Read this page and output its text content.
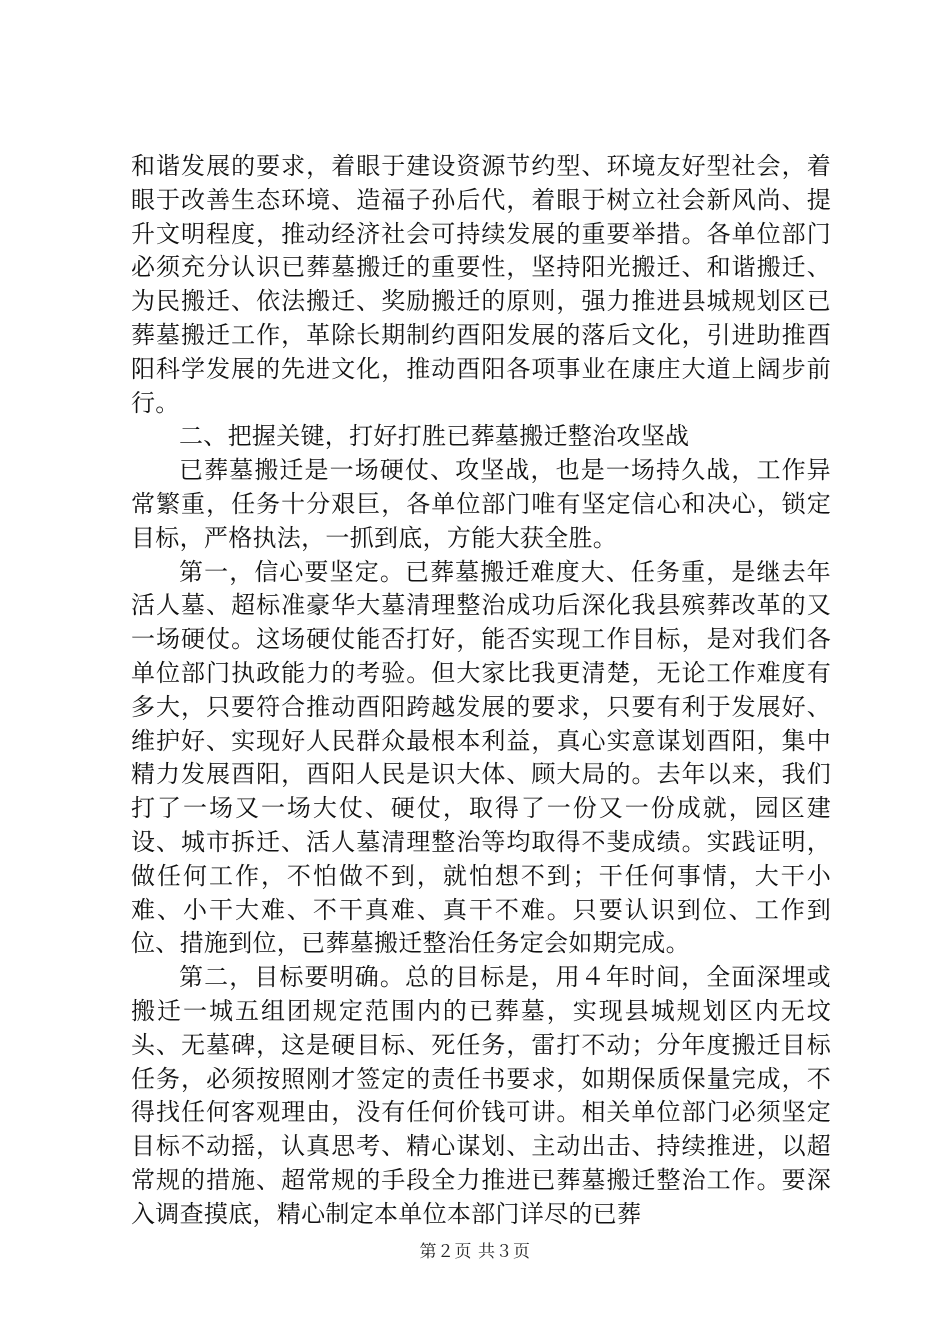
和谐发展的要求，着眼于建设资源节约型、环境友好型社会，着眼于改善生态环境、造福子孙后代，着眼于树立社会新风尚、提升文明程度，推动经济社会可持续发展的重要举措。各单位部门必须充分认识已葬墓搬迁的重要性，坚持阳光搬迁、和谐搬迁、为民搬迁、依法搬迁、奖励搬迁的原则，强力推进县城规划区已葬墓搬迁工作，革除长期制约酉阳发展的落后文化，引进助推酉阳科学发展的先进文化，推动酉阳各项事业在康庄大道上阔步前行。

二、把握关键，打好打胜已葬墓搬迁整治攻坚战

已葬墓搬迁是一场硬仗、攻坚战，也是一场持久战，工作异常繁重，任务十分艰巨，各单位部门唯有坚定信心和决心，锁定目标，严格执法，一抓到底，方能大获全胜。

第一，信心要坚定。已葬墓搬迁难度大、任务重，是继去年活人墓、超标准豪华大墓清理整治成功后深化我县殡葬改革的又一场硬仗。这场硬仗能否打好，能否实现工作目标，是对我们各单位部门执政能力的考验。但大家比我更清楚，无论工作难度有多大，只要符合推动酉阳跨越发展的要求，只要有利于发展好、维护好、实现好人民群众最根本利益，真心实意谋划酉阳，集中精力发展酉阳，酉阳人民是识大体、顾大局的。去年以来，我们打了一场又一场大仗、硬仗，取得了一份又一份成就，园区建设、城市拆迁、活人墓清理整治等均取得不斐成绩。实践证明，做任何工作，不怕做不到，就怕想不到；干任何事情，大干小难、小干大难、不干真难、真干不难。只要认识到位、工作到位、措施到位，已葬墓搬迁整治任务定会如期完成。

第二，目标要明确。总的目标是，用４年时间，全面深埋或搬迁一城五组团规定范围内的已葬墓，实现县城规划区内无坟头、无墓碑，这是硬目标、死任务，雷打不动；分年度搬迁目标任务，必须按照刚才签定的责任书要求，如期保质保量完成，不得找任何客观理由，没有任何价钱可讲。相关单位部门必须坚定目标不动摇，认真思考、精心谋划、主动出击、持续推进，以超常规的措施、超常规的手段全力推进已葬墓搬迁整治工作。要深入调查摸底，精心制定本单位本部门详尽的已葬

第２页 共３页
